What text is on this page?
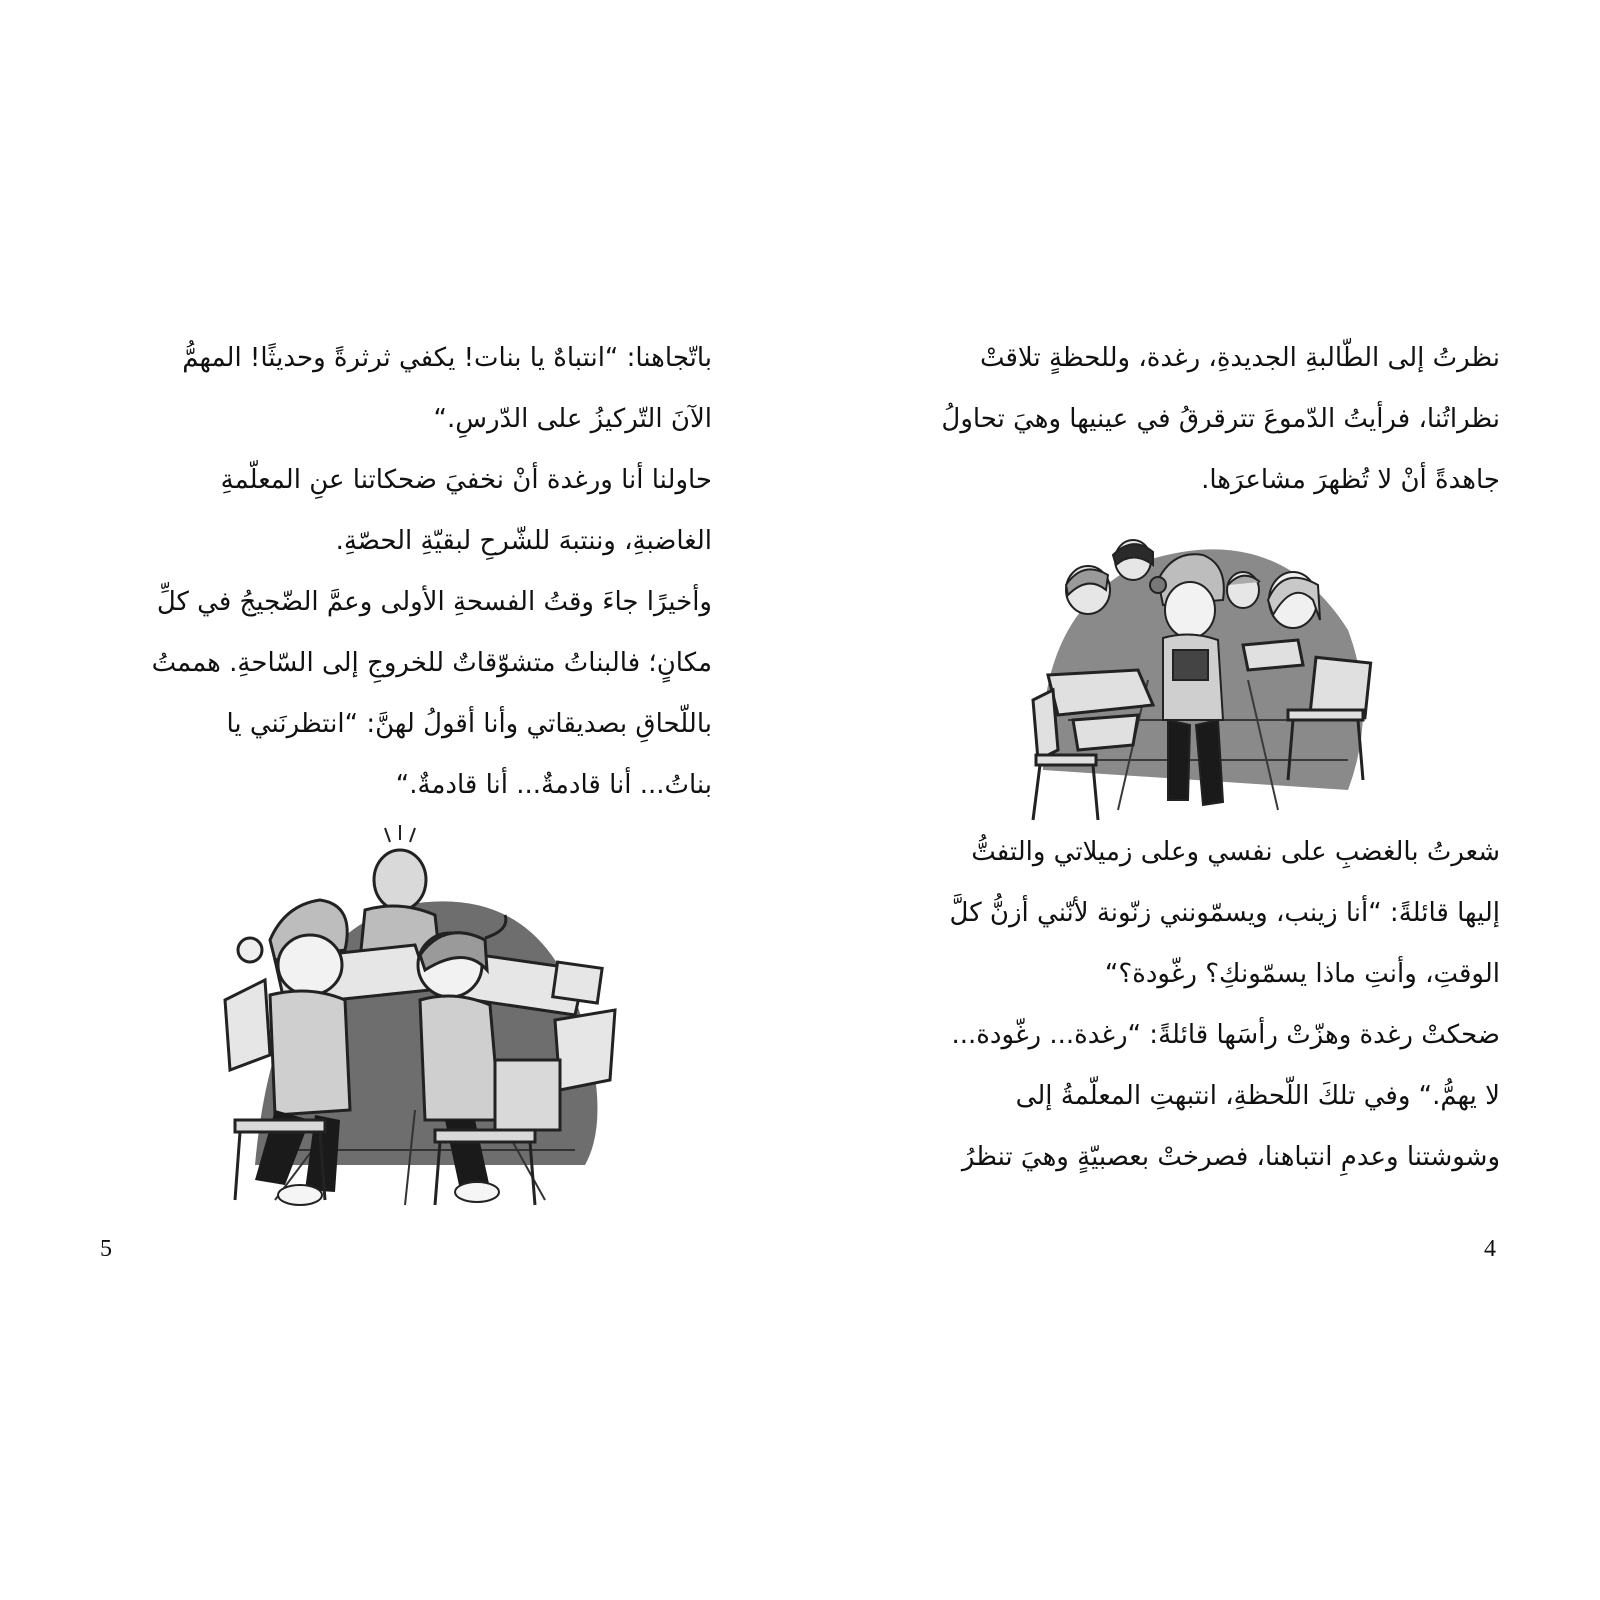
باتّجاهنا: “انتباهٌ يا بنات! يكفي ثرثرةً وحديثًا! المهمُّ
الآنَ التّركيزُ على الدّرسِ.“
حاولنا أنا ورغدة أنْ نخفيَ ضحكاتنا عنِ المعلّمةِ
الغاضبةِ، وننتبهَ للشّرحِ لبقيّةِ الحصّةِ.
وأخيرًا جاءَ وقتُ الفسحةِ الأولى وعمَّ الضّجيجُ في كلِّ
مكانٍ؛ فالبناتُ متشوّقاتٌ للخروجِ إلى السّاحةِ. هممتُ
باللّحاقِ بصديقاتي وأنا أقولُ لهنَّ: “انتظرنَني يا
بناتُ... أنا قادمةٌ... أنا قادمةٌ.“
5
نظرتُ إلى الطّالبةِ الجديدةِ، رغدة، وللحظةٍ تلاقتْ
نظراتُنا، فرأيتُ الدّموعَ تترقرقُ في عينيها وهيَ تحاولُ
جاهدةً أنْ لا تُظهرَ مشاعرَها.
شعرتُ بالغضبِ على نفسي وعلى زميلاتي والتفتُّ
إليها قائلةً: “أنا زينب، ويسمّونني زنّونة لأنّني أزنُّ كلَّ
الوقتِ، وأنتِ ماذا يسمّونكِ؟ رغّودة؟“
ضحكتْ رغدة وهزّتْ رأسَها قائلةً: “رغدة... رغّودة...
لا يهمُّ.“ وفي تلكَ اللّحظةِ، انتبهتِ المعلّمةُ إلى
وشوشتنا وعدمِ انتباهنا، فصرختْ بعصبيّةٍ وهيَ تنظرُ
4
